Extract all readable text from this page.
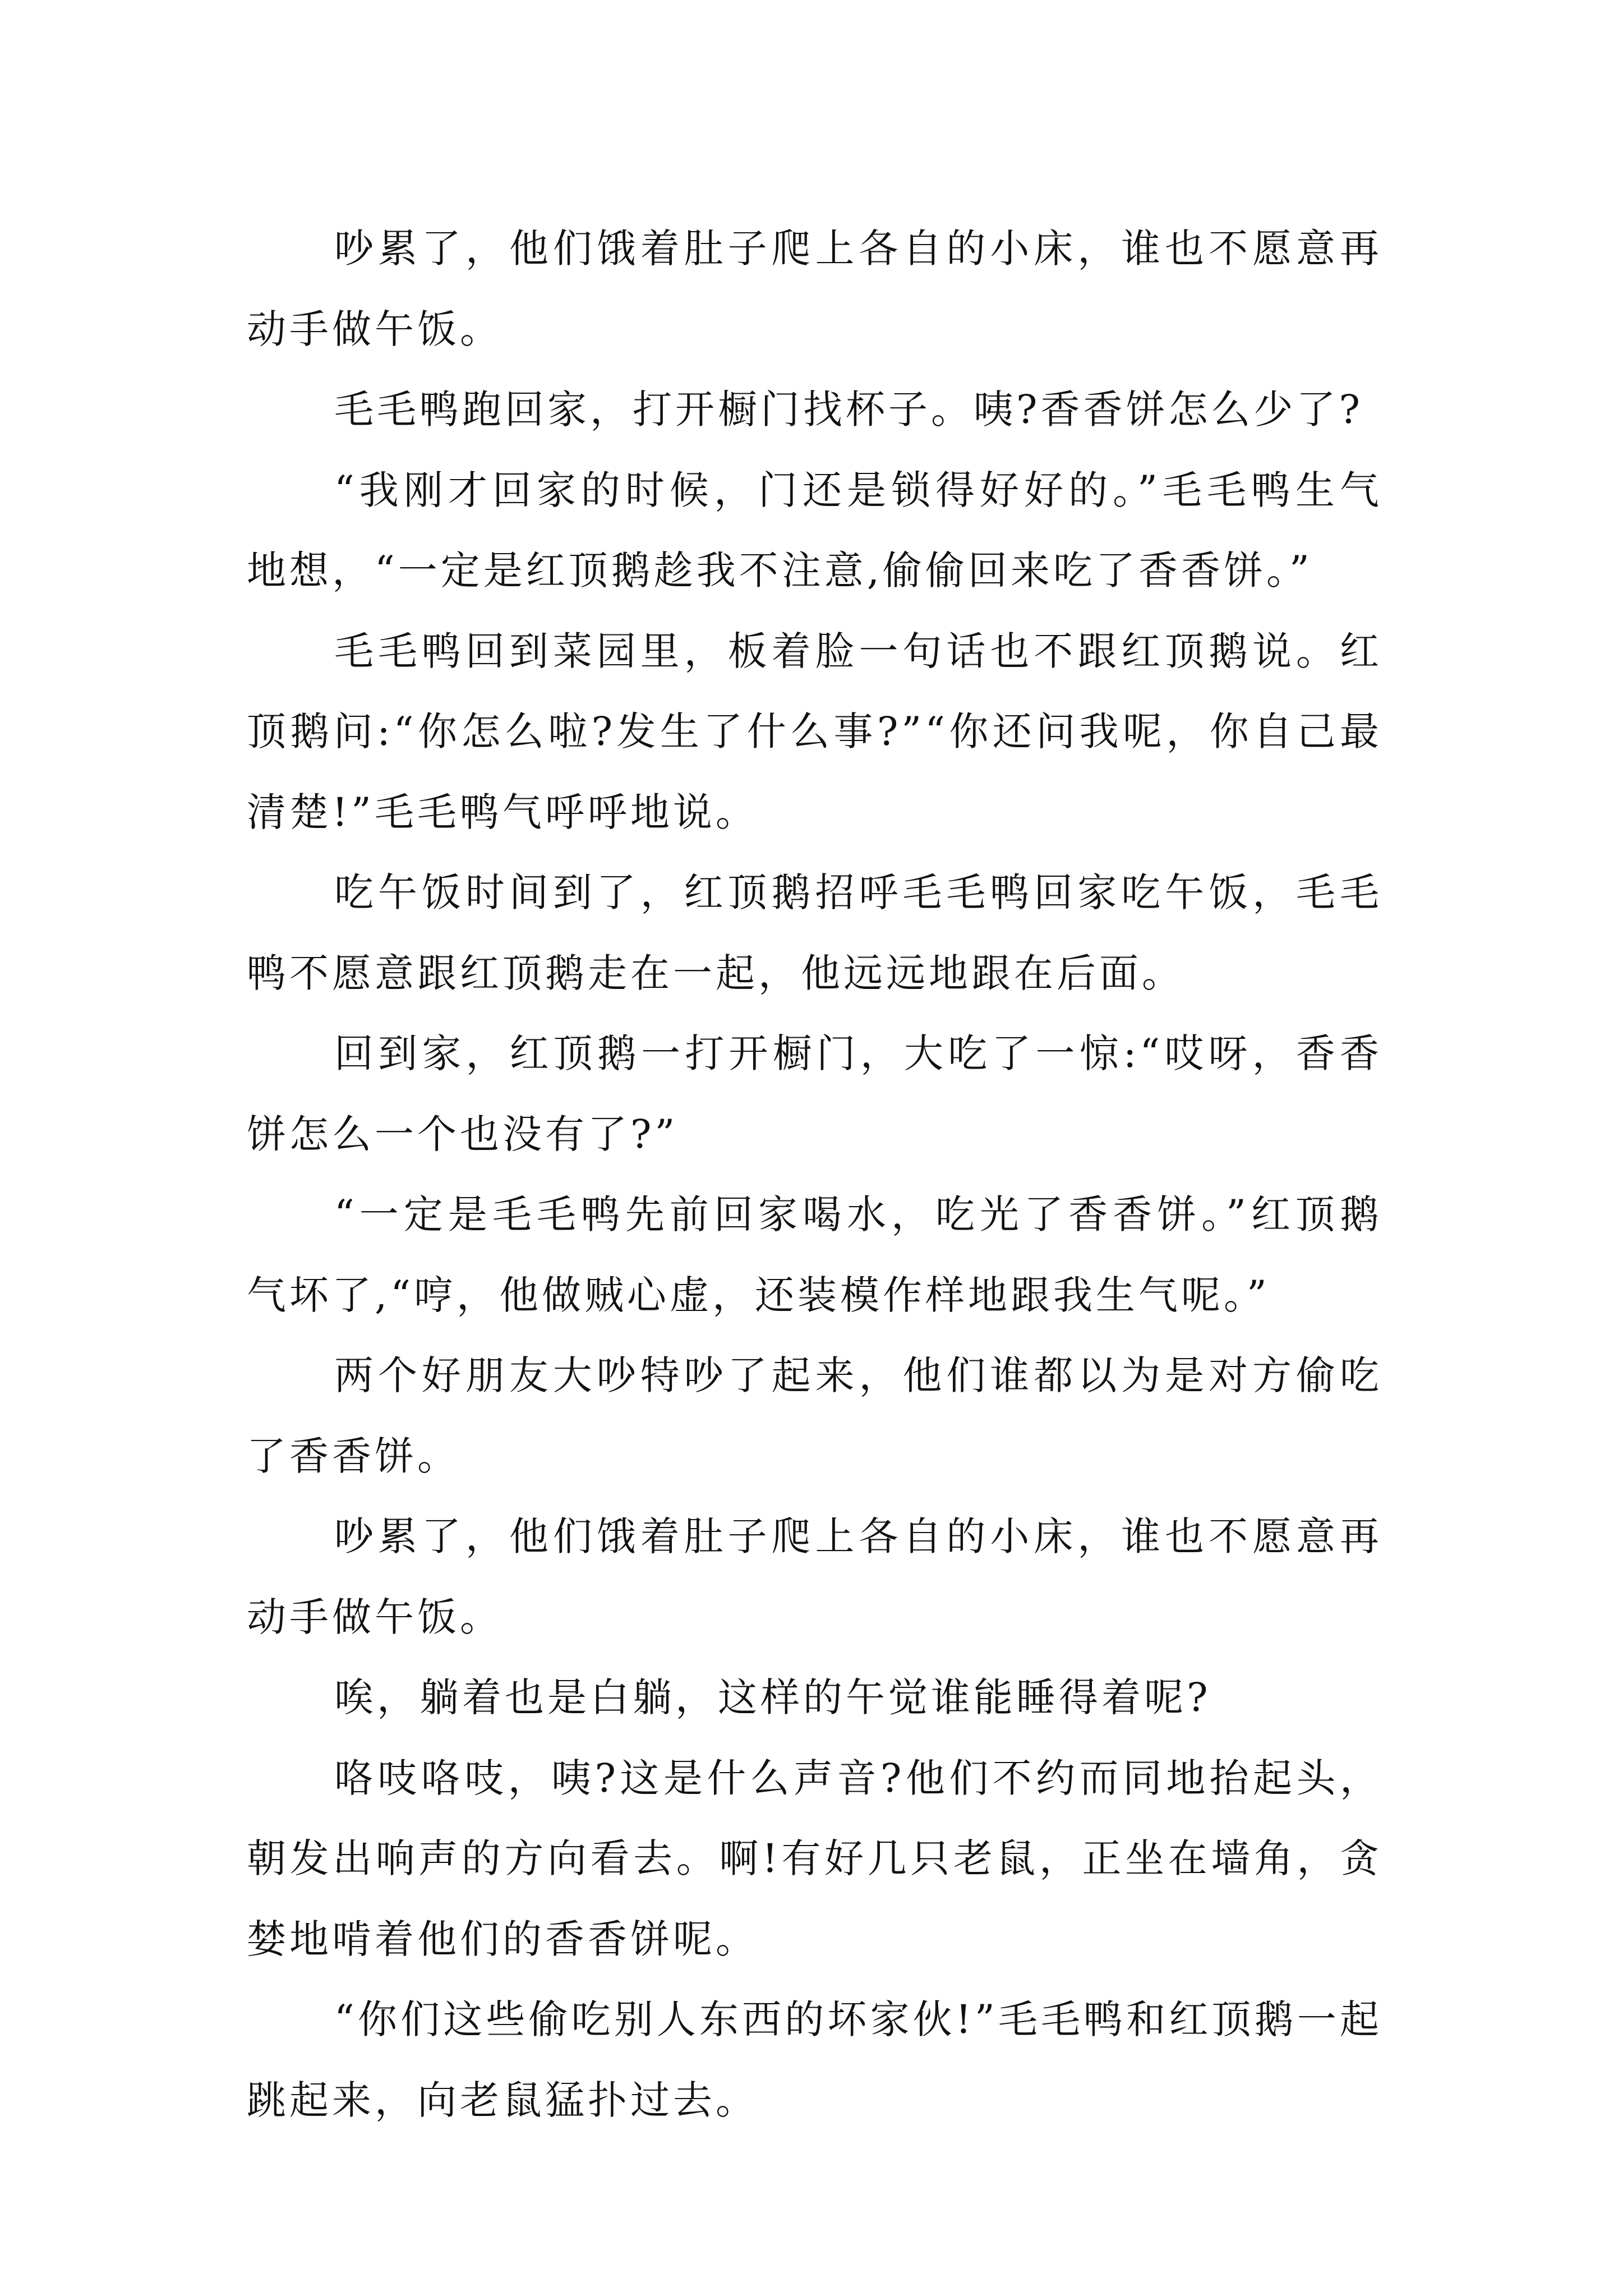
吵累了，他们饿着肚子爬上各自的小床，谁也不愿意再动手做午饭。

毛毛鸭跑回家，打开橱门找杯子。咦?香香饼怎么少了?

“我刚才回家的时候，门还是锁得好好的。”毛毛鸭生气地想，“一定是红顶鹅趁我不注意,偷偷回来吃了香香饼。”

毛毛鸭回到菜园里，板着脸一句话也不跟红顶鹅说。红顶鹅问:“你怎么啦?发生了什么事?”“你还问我呢，你自己最清楚!”毛毛鸭气呼呼地说。

吃午饭时间到了，红顶鹅招呼毛毛鸭回家吃午饭，毛毛鸭不愿意跟红顶鹅走在一起，他远远地跟在后面。

回到家，红顶鹅一打开橱门，大吃了一惊:“哎呀，香香饼怎么一个也没有了?”

“一定是毛毛鸭先前回家喝水，吃光了香香饼。”红顶鹅气坏了,“哼，他做贼心虚，还装模作样地跟我生气呢。”

两个好朋友大吵特吵了起来，他们谁都以为是对方偷吃了香香饼。

吵累了，他们饿着肚子爬上各自的小床，谁也不愿意再动手做午饭。

唉，躺着也是白躺，这样的午觉谁能睡得着呢?

咯吱咯吱，咦?这是什么声音?他们不约而同地抬起头，朝发出响声的方向看去。啊!有好几只老鼠，正坐在墙角，贪婪地啃着他们的香香饼呢。

“你们这些偷吃别人东西的坏家伙!”毛毛鸭和红顶鹅一起跳起来，向老鼠猛扑过去。
